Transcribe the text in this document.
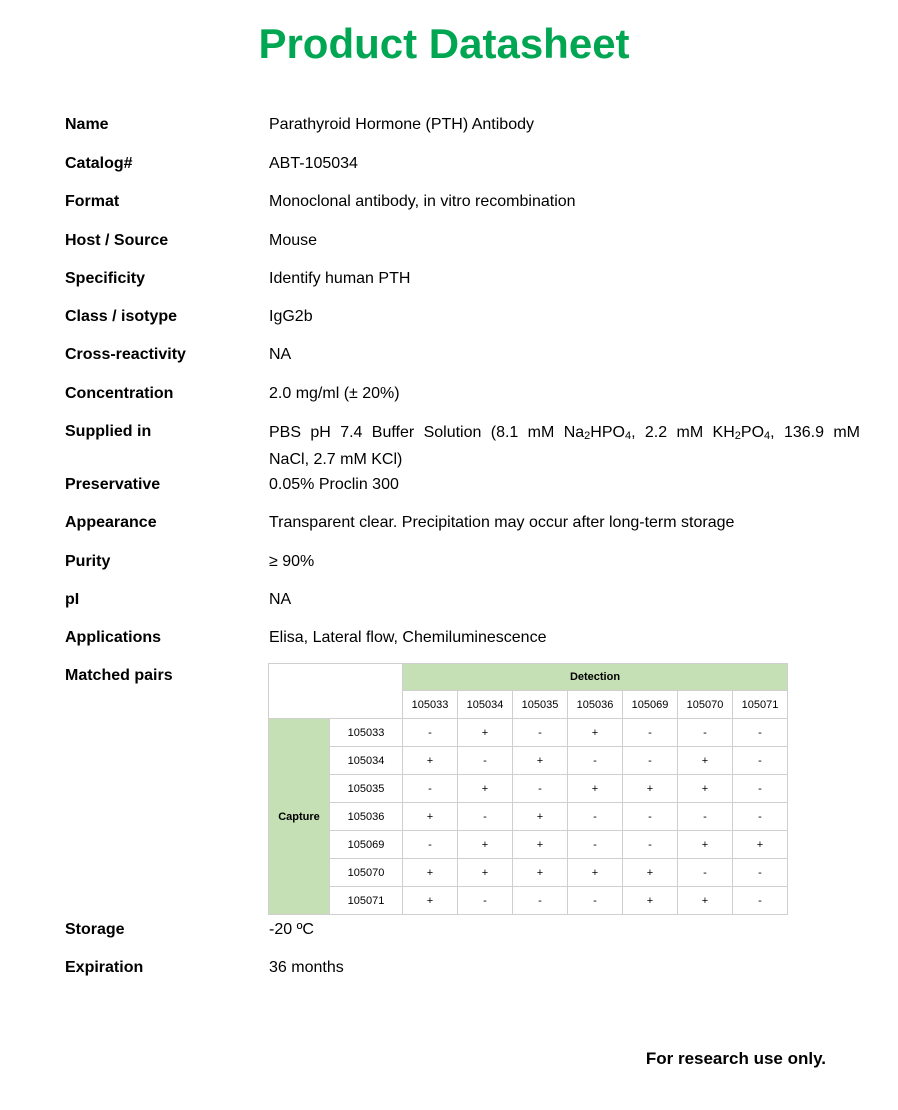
Product Datasheet
Name	Parathyroid Hormone (PTH) Antibody
Catalog#	ABT-105034
Format	Monoclonal antibody, in vitro recombination
Host / Source	Mouse
Specificity	Identify human PTH
Class / isotype	IgG2b
Cross-reactivity	NA
Concentration	2.0 mg/ml (± 20%)
Supplied in	PBS pH 7.4 Buffer Solution (8.1 mM $Na_2HPO_4$, 2.2 mM $KH_2PO_4$, 136.9 mM
NaCl, 2.7 mM KCl)
Preservative	0.05% Proclin 300
Appearance	Transparent clear. Precipitation may occur after long-term storage
Purity	≥ 90%
pI	NA
Applications	Elisa, Lateral flow, Chemiluminescence
Matched pairs
		Detection						
		105033	105034	105035	105036	105069	105070	105071
Capture	105033	-	+	-	+	-	-	-
	105034	+	-	+	-	-	+	-
	105035	-	+	-	+	+	+	-
	105036	+	-	+	-	-	-	-
	105069	-	+	+	-	-	+	+
	105070	+	+	+	+	+	-	-
	105071	+	-	-	-	+	+	-
Storage	-20 ºC
Expiration	36 months
For research use only.
